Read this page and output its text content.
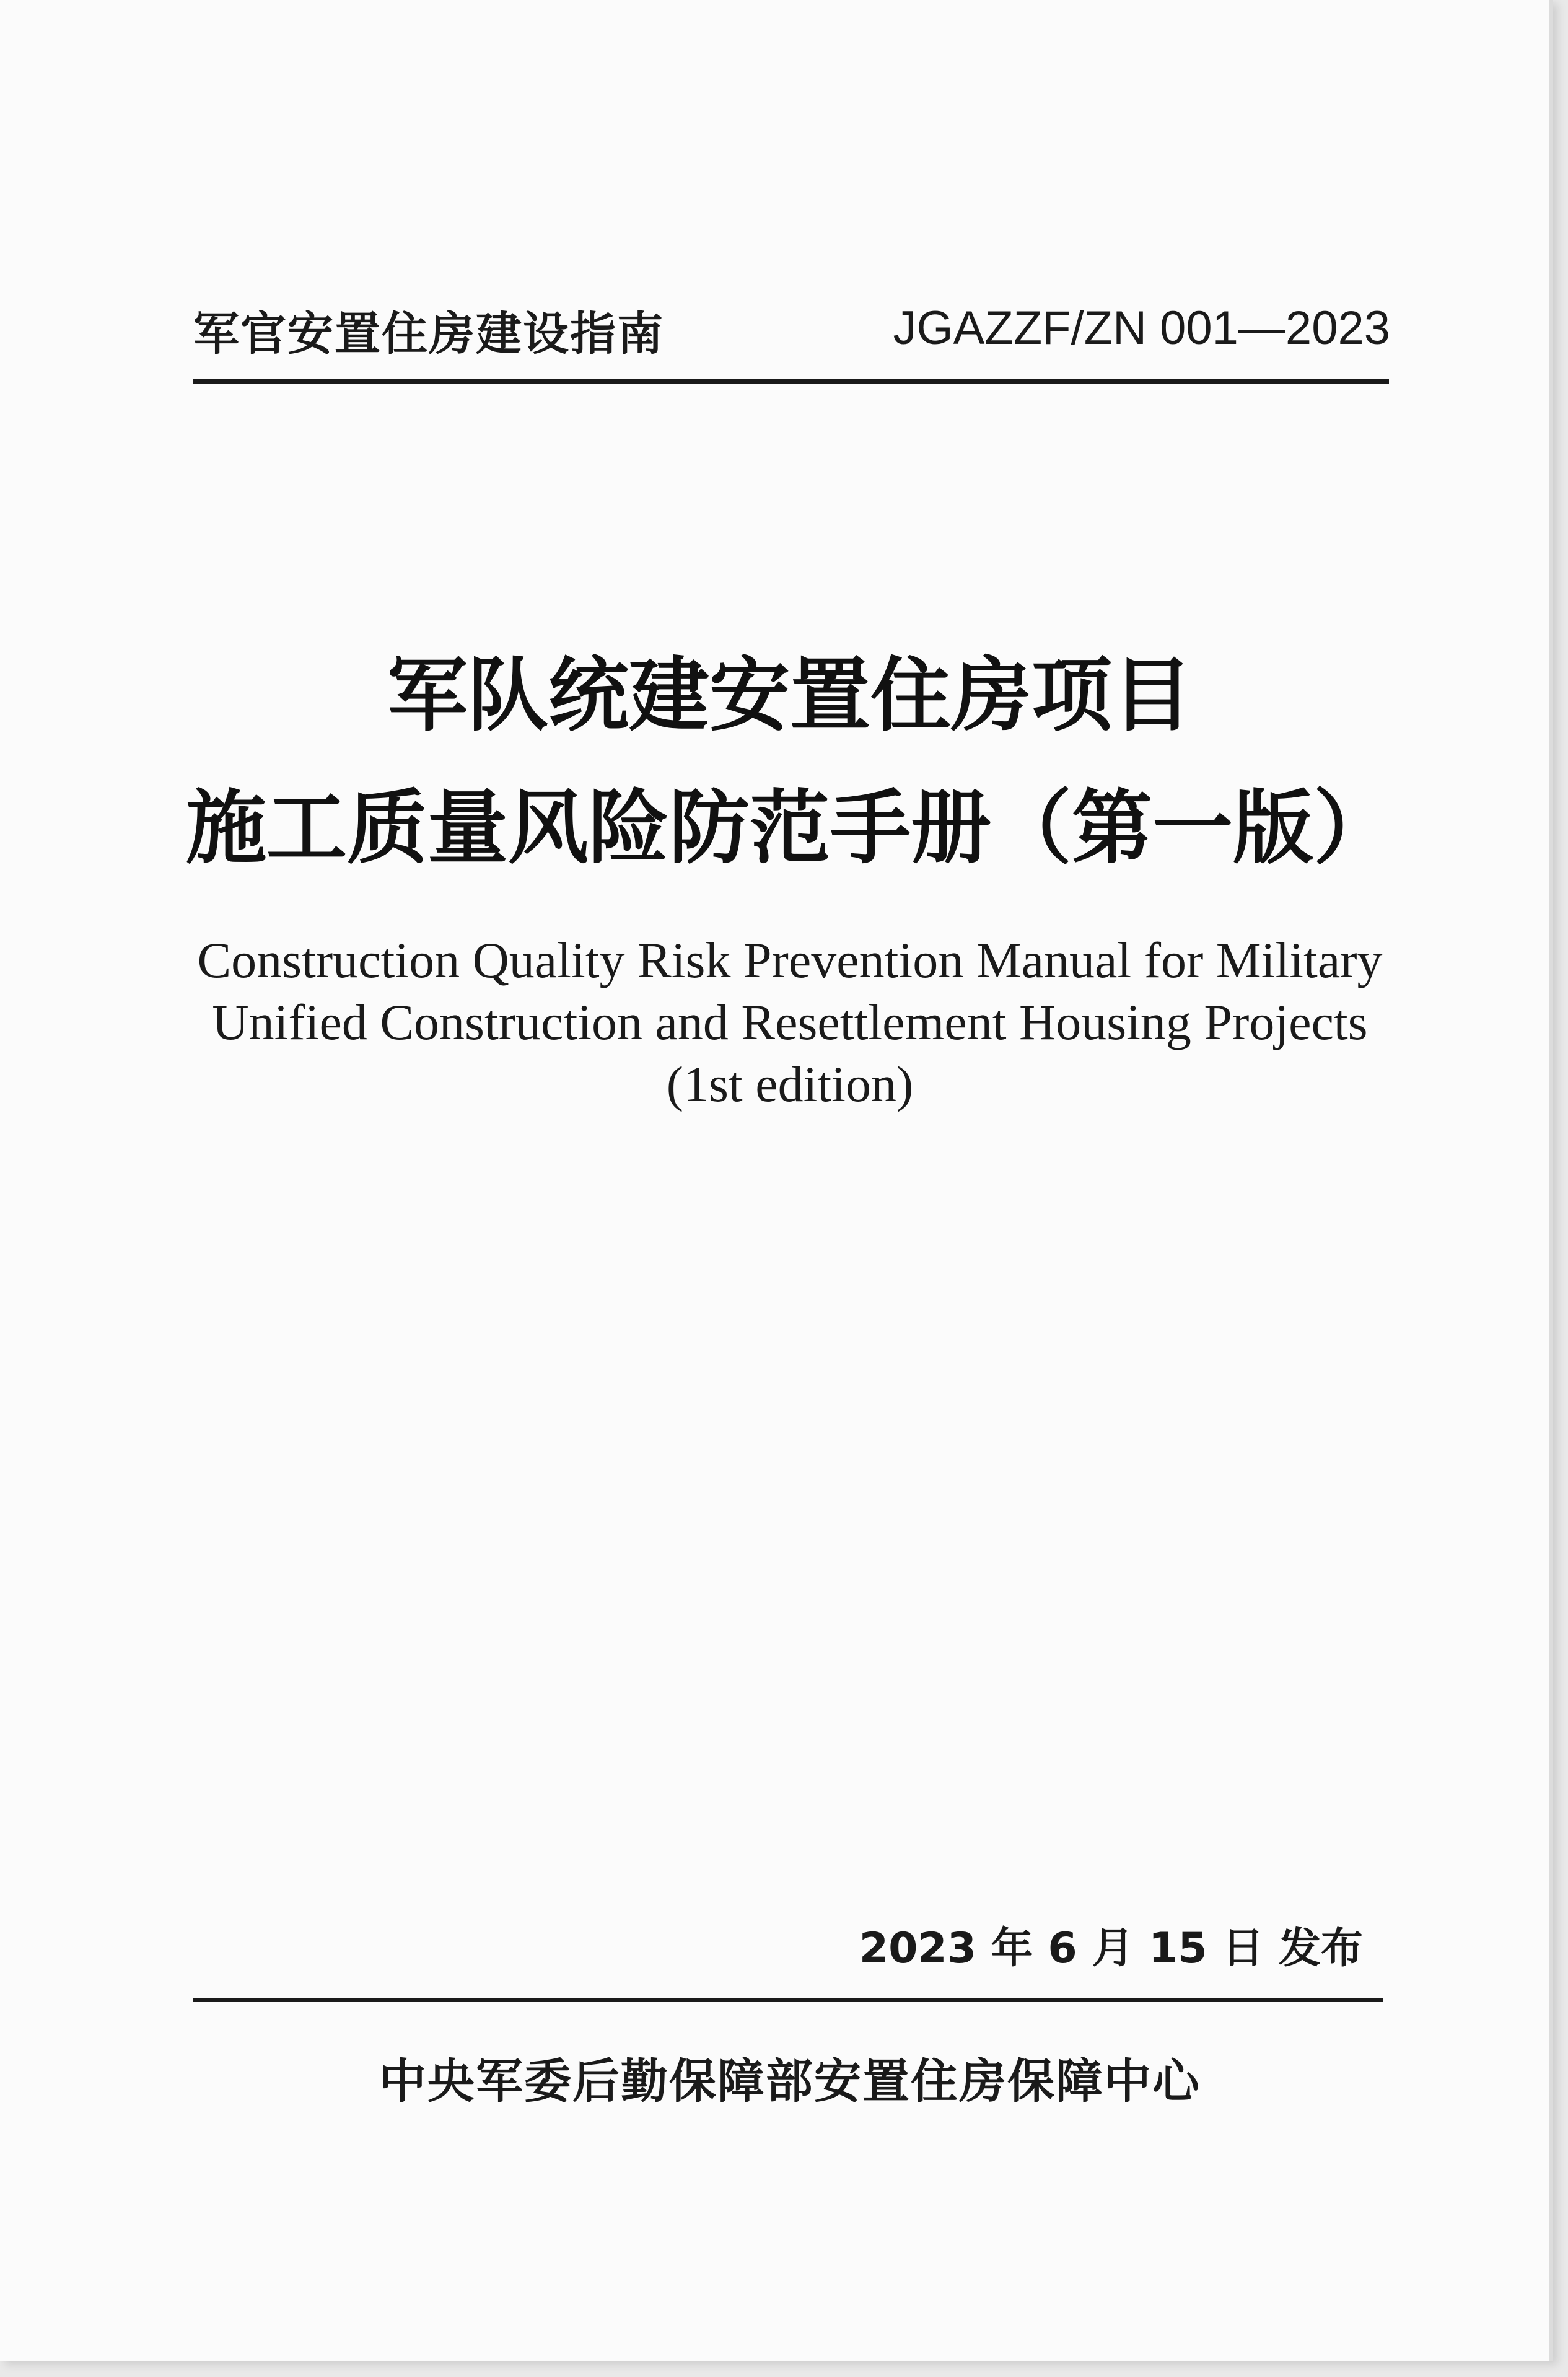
军官安置住房建设指南	JGAZZF/ZN 001—2023
军队统建安置住房项目
施工质量风险防范手册（第一版）
Construction Quality Risk Prevention Manual for Military
Unified Construction and Resettlement Housing Projects
(1st edition)
2023 年 6 月 15 日 发布
中央军委后勤保障部安置住房保障中心
